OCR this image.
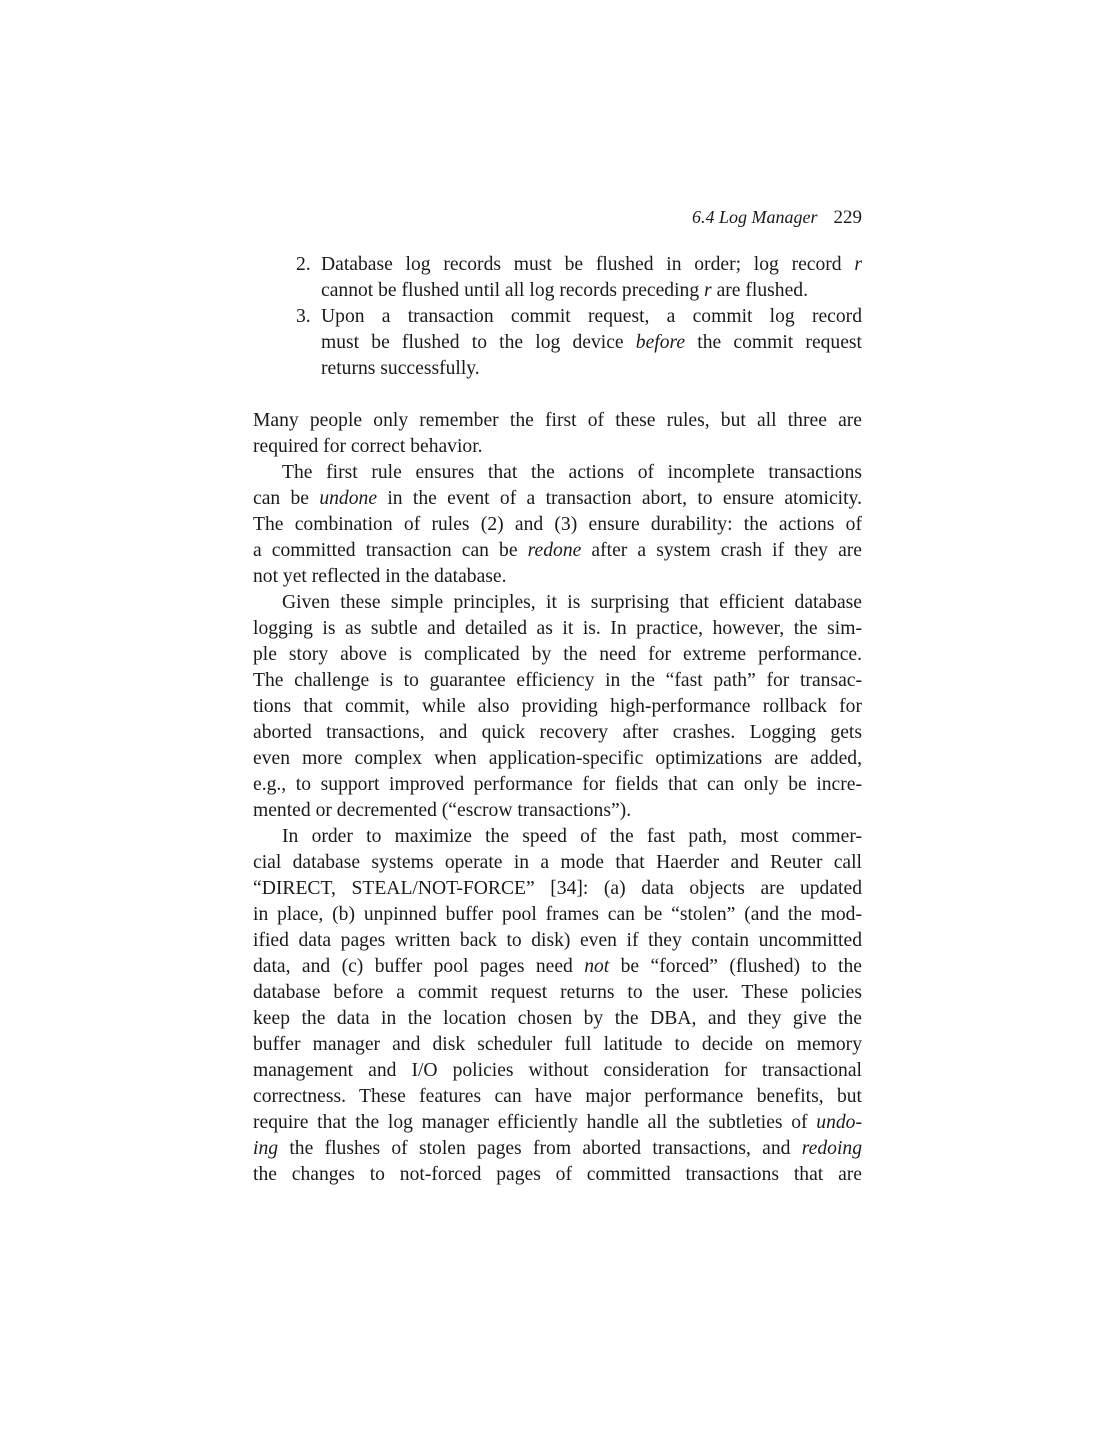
6.4 Log Manager 229
2. Database log records must be flushed in order; log record r
cannot be flushed until all log records preceding r are flushed.
3. Upon a transaction commit request, a commit log record
must be flushed to the log device before the commit request
returns successfully.
Many people only remember the first of these rules, but all three are
required for correct behavior.
The first rule ensures that the actions of incomplete transactions
can be undone in the event of a transaction abort, to ensure atomicity.
The combination of rules (2) and (3) ensure durability: the actions of
a committed transaction can be redone after a system crash if they are
not yet reflected in the database.
Given these simple principles, it is surprising that efficient database
logging is as subtle and detailed as it is. In practice, however, the sim-
ple story above is complicated by the need for extreme performance.
The challenge is to guarantee efficiency in the “fast path” for transac-
tions that commit, while also providing high-performance rollback for
aborted transactions, and quick recovery after crashes. Logging gets
even more complex when application-specific optimizations are added,
e.g., to support improved performance for fields that can only be incre-
mented or decremented (“escrow transactions”).
In order to maximize the speed of the fast path, most commer-
cial database systems operate in a mode that Haerder and Reuter call
“DIRECT, STEAL/NOT-FORCE” [34]: (a) data objects are updated
in place, (b) unpinned buffer pool frames can be “stolen” (and the mod-
ified data pages written back to disk) even if they contain uncommitted
data, and (c) buffer pool pages need not be “forced” (flushed) to the
database before a commit request returns to the user. These policies
keep the data in the location chosen by the DBA, and they give the
buffer manager and disk scheduler full latitude to decide on memory
management and I/O policies without consideration for transactional
correctness. These features can have major performance benefits, but
require that the log manager efficiently handle all the subtleties of undo-
ing the flushes of stolen pages from aborted transactions, and redoing
the changes to not-forced pages of committed transactions that are
